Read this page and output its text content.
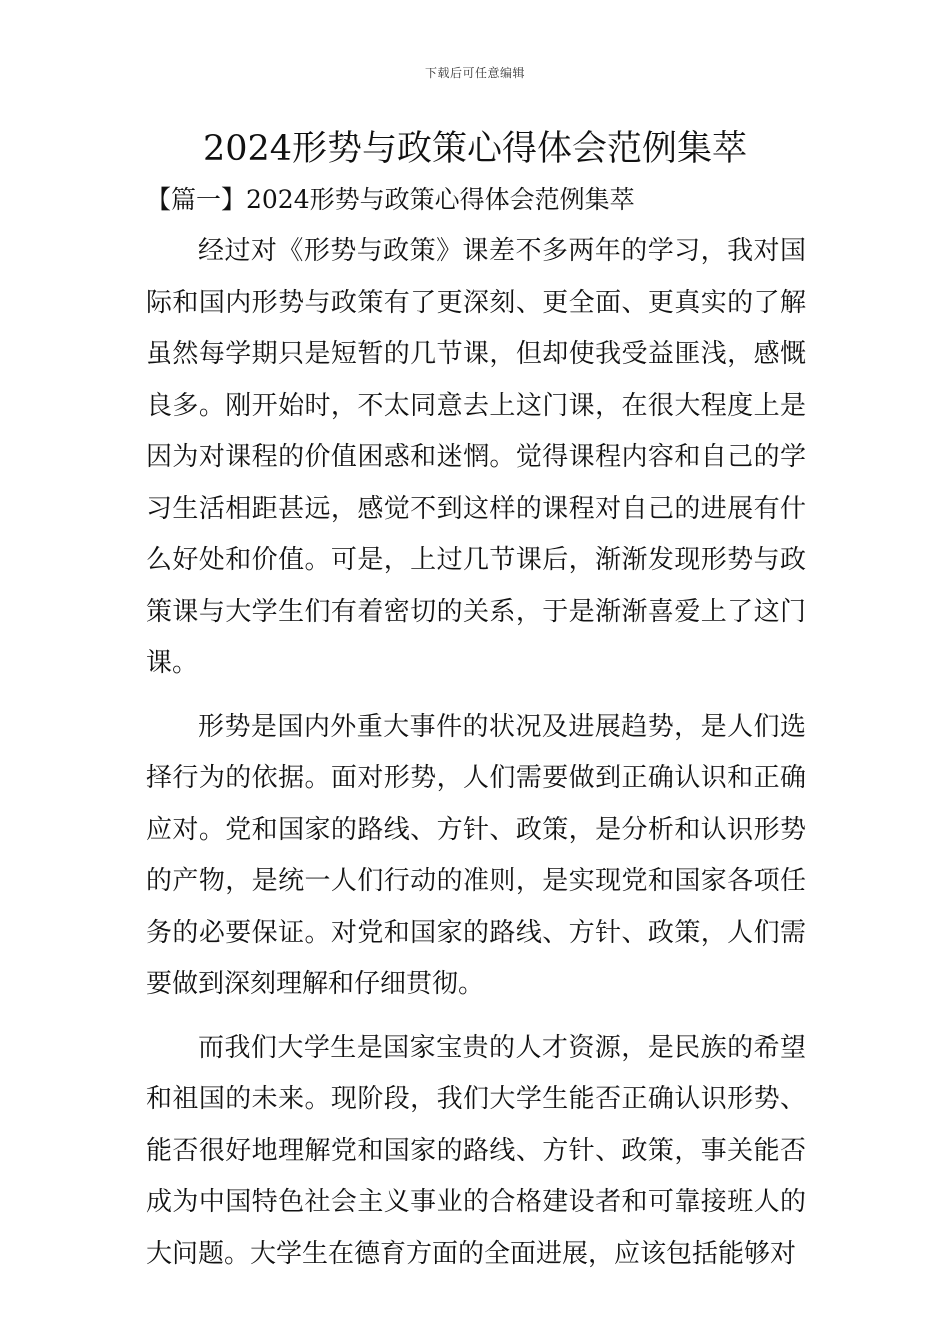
下载后可任意编辑
2024形势与政策心得体会范例集萃

【篇一】2024形势与政策心得体会范例集萃

经过对《形势与政策》课差不多两年的学习，我对国际和国内形势与政策有了更深刻、更全面、更真实的了解虽然每学期只是短暂的几节课，但却使我受益匪浅，感慨良多。刚开始时，不太同意去上这门课，在很大程度上是因为对课程的价值困惑和迷惘。觉得课程内容和自己的学习生活相距甚远，感觉不到这样的课程对自己的进展有什么好处和价值。可是，上过几节课后，渐渐发现形势与政策课与大学生们有着密切的关系，于是渐渐喜爱上了这门课。

形势是国内外重大事件的状况及进展趋势，是人们选择行为的依据。面对形势，人们需要做到正确认识和正确应对。党和国家的路线、方针、政策，是分析和认识形势的产物，是统一人们行动的准则，是实现党和国家各项任务的必要保证。对党和国家的路线、方针、政策，人们需要做到深刻理解和仔细贯彻。

而我们大学生是国家宝贵的人才资源，是民族的希望和祖国的未来。现阶段，我们大学生能否正确认识形势、能否很好地理解党和国家的路线、方针、政策，事关能否成为中国特色社会主义事业的合格建设者和可靠接班人的大问题。大学生在德育方面的全面进展，应该包括能够对
